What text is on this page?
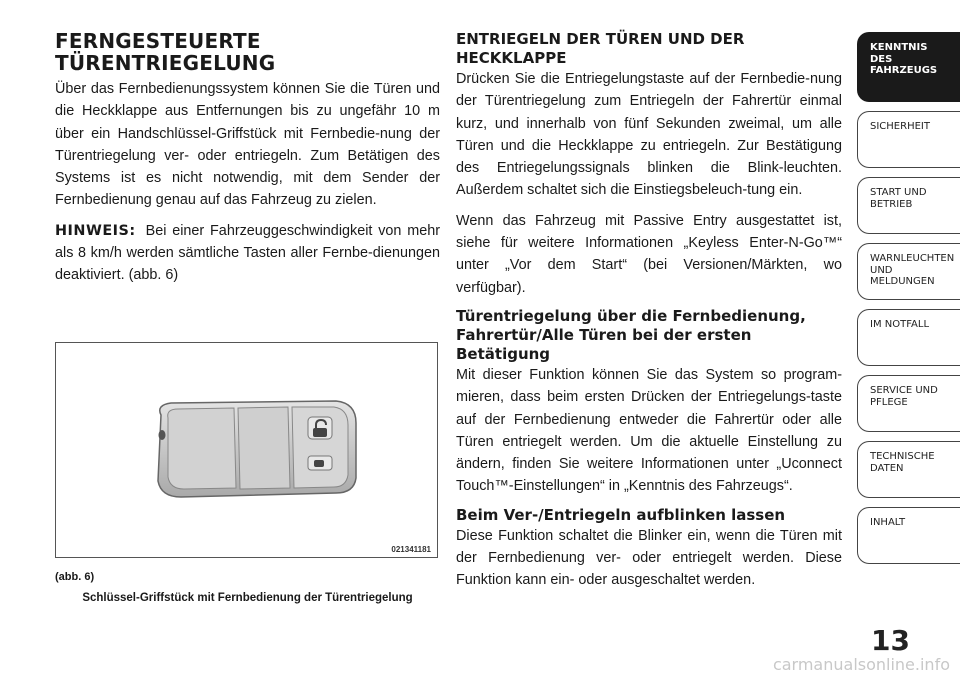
FERNGESTEUERTE TÜRENTRIEGELUNG

Über das Fernbedienungssystem können Sie die Türen und die Heckklappe aus Entfernungen bis zu ungefähr 10 m über ein Handschlüssel-Griffstück mit Fernbedie-nung der Türentriegelung ver- oder entriegeln. Zum Betätigen des Systems ist es nicht notwendig, mit dem Sender der Fernbedienung genau auf das Fahrzeug zu zielen.

HINWEIS: Bei einer Fahrzeuggeschwindigkeit von mehr als 8 km/h werden sämtliche Tasten aller Fernbe-dienungen deaktiviert. (abb. 6)

021341181
(abb. 6)
Schlüssel-Griffstück mit Fernbedienung der Türentriegelung
ENTRIEGELN DER TÜREN UND DER HECKKLAPPE

Drücken Sie die Entriegelungstaste auf der Fernbedie-nung der Türentriegelung zum Entriegeln der Fahrertür einmal kurz, und innerhalb von fünf Sekunden zweimal, um alle Türen und die Heckklappe zu entriegeln. Zur Bestätigung des Entriegelungssignals blinken die Blink-leuchten. Außerdem schaltet sich die Einstiegsbeleuch-tung ein.

Wenn das Fahrzeug mit Passive Entry ausgestattet ist, siehe für weitere Informationen „Keyless Enter-N-Go™“ unter „Vor dem Start“ (bei Versionen/Märkten, wo verfügbar).

Türentriegelung über die Fernbedienung, Fahrertür/Alle Türen bei der ersten Betätigung

Mit dieser Funktion können Sie das System so program-mieren, dass beim ersten Drücken der Entriegelungs-taste auf der Fernbedienung entweder die Fahrertür oder alle Türen entriegelt werden. Um die aktuelle Einstellung zu ändern, finden Sie weitere Informationen unter „Uconnect Touch™-Einstellungen“ in „Kenntnis des Fahrzeugs“.

Beim Ver-/Entriegeln aufblinken lassen

Diese Funktion schaltet die Blinker ein, wenn die Türen mit der Fernbedienung ver- oder entriegelt werden. Diese Funktion kann ein- oder ausgeschaltet werden.

KENNTNIS DES FAHRZEUGS
SICHERHEIT
START UND BETRIEB
WARNLEUCHTEN UND MELDUNGEN
IM NOTFALL
SERVICE UND PFLEGE
TECHNISCHE DATEN
INHALT
13
carmanualsonline.info
